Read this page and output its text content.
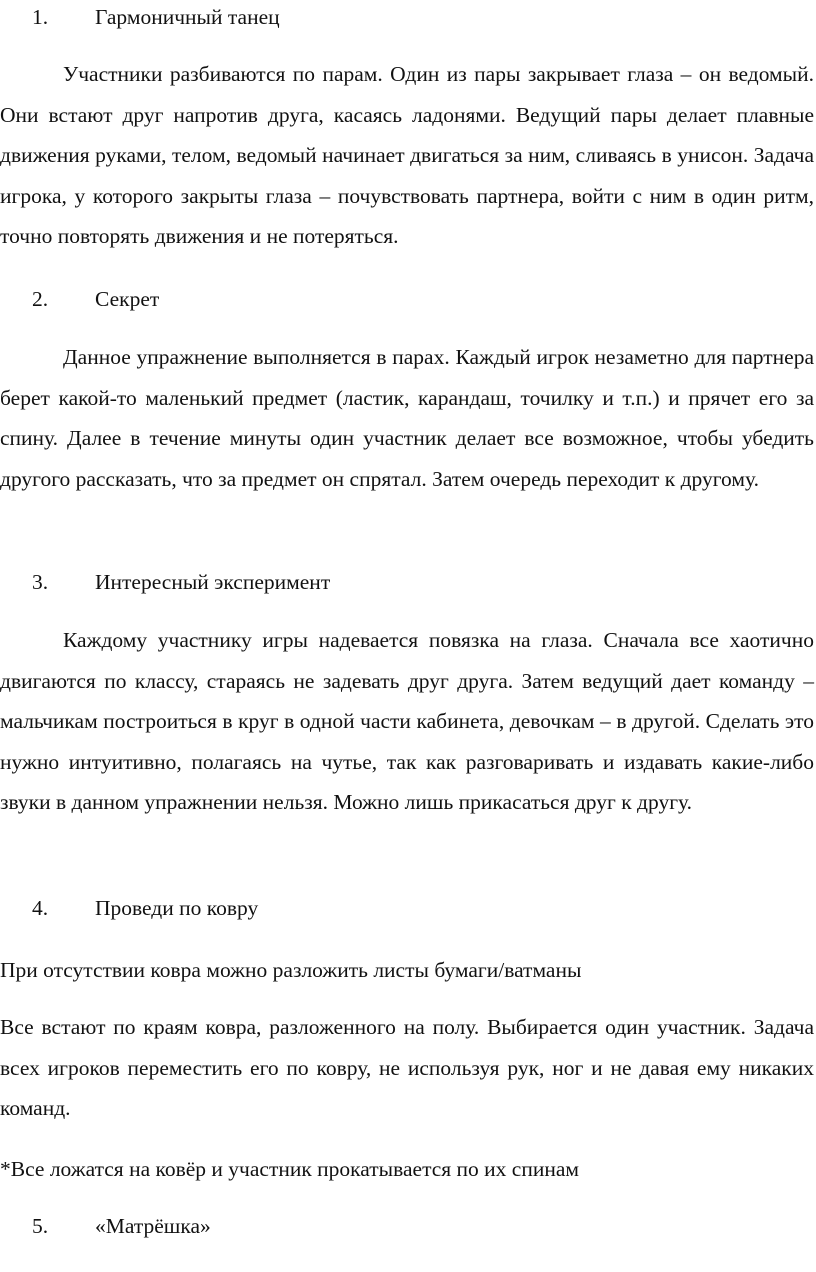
1. Гармоничный танец

Участники разбиваются по парам. Один из пары закрывает глаза – он ведомый. Они встают друг напротив друга, касаясь ладонями. Ведущий пары делает плавные движения руками, телом, ведомый начинает двигаться за ним, сливаясь в унисон. Задача игрока, у которого закрыты глаза – почувствовать партнера, войти с ним в один ритм, точно повторять движения и не потеряться.

2. Секрет

Данное упражнение выполняется в парах. Каждый игрок незаметно для партнера берет какой-то маленький предмет (ластик, карандаш, точилку и т.п.) и прячет его за спину. Далее в течение минуты один участник делает все возможное, чтобы убедить другого рассказать, что за предмет он спрятал. Затем очередь переходит к другому.

3. Интересный эксперимент

Каждому участнику игры надевается повязка на глаза. Сначала все хаотично двигаются по классу, стараясь не задевать друг друга. Затем ведущий дает команду – мальчикам построиться в круг в одной части кабинета, девочкам – в другой. Сделать это нужно интуитивно, полагаясь на чутье, так как разговаривать и издавать какие-либо звуки в данном упражнении нельзя. Можно лишь прикасаться друг к другу.

4. Проведи по ковру

При отсутствии ковра можно разложить листы бумаги/ватманы

Все встают по краям ковра, разложенного на полу. Выбирается один участник. Задача всех игроков переместить его по ковру, не используя рук, ног и не давая ему никаких команд.

*Все ложатся на ковёр и участник прокатывается по их спинам

5. «Матрёшка»
